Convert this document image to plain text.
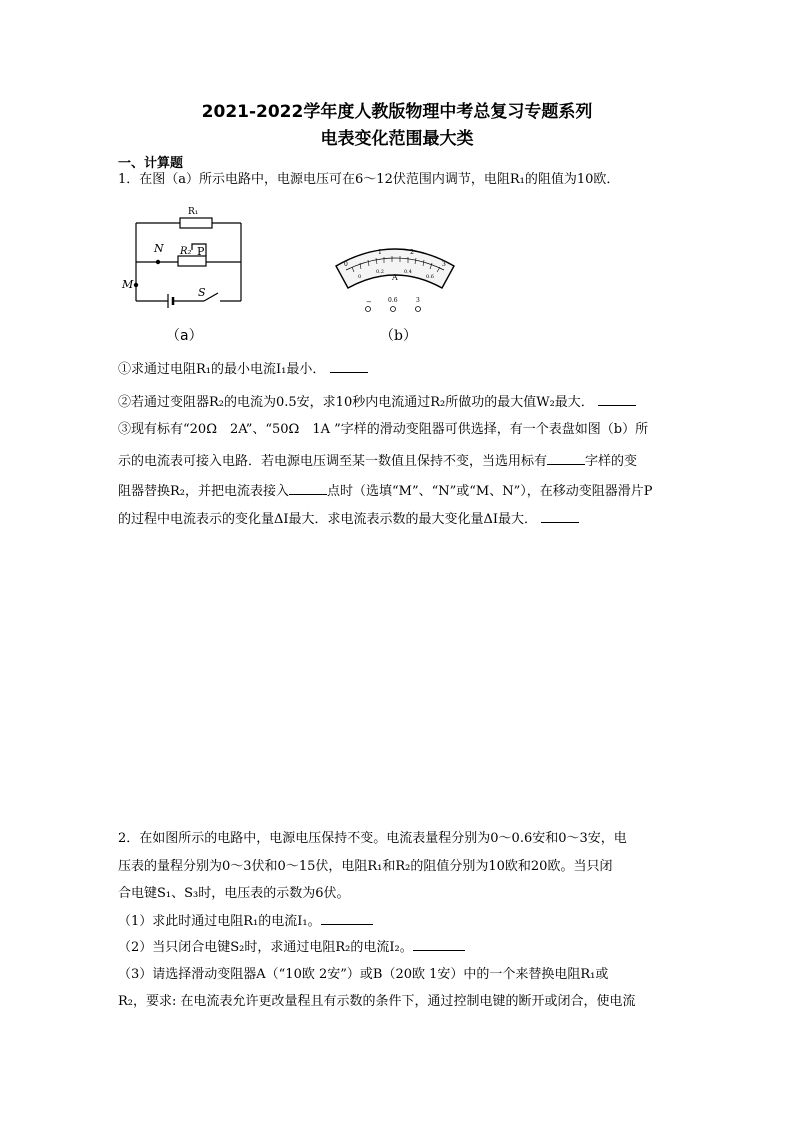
2021-2022学年度人教版物理中考总复习专题系列
电表变化范围最大类
一、计算题
1．在图（a）所示电路中，电源电压可在6～12伏范围内调节，电阻R₁的阻值为10欧．
R₁
R₂ P
N
M
S
（a）
0
1	2
3
0
0.2	0.4
0.6
A
−	0.6	3
（b）
①求通过电阻R₁的最小电流I₁最小．
②若通过变阻器R₂的电流为0.5安，求10秒内电流通过R₂所做功的最大值W₂最大．
③现有标有“20Ω　2A”、“50Ω　1A ”字样的滑动变阻器可供选择，有一个表盘如图（b）所
示的电流表可接入电路．若电源电压调至某一数值且保持不变，当选用标有	字样的变
阻器替换R₂，并把电流表接入	点时（选填“M”、“N”或“M、N”），在移动变阻器滑片P
的过程中电流表示的变化量ΔI最大．求电流表示数的最大变化量ΔI最大．
2．在如图所示的电路中，电源电压保持不变。电流表量程分别为0～0.6安和0～3安，电
压表的量程分别为0～3伏和0～15伏，电阻R₁和R₂的阻值分别为10欧和20欧。当只闭
合电键S₁、S₃时，电压表的示数为6伏。
（1）求此时通过电阻R₁的电流I₁。
（2）当只闭合电键S₂时，求通过电阻R₂的电流I₂。
（3）请选择滑动变阻器A（“10欧 2安”）或B（20欧 1安）中的一个来替换电阻R₁或
R₂，要求: 在电流表允许更改量程且有示数的条件下，通过控制电键的断开或闭合，使电流
